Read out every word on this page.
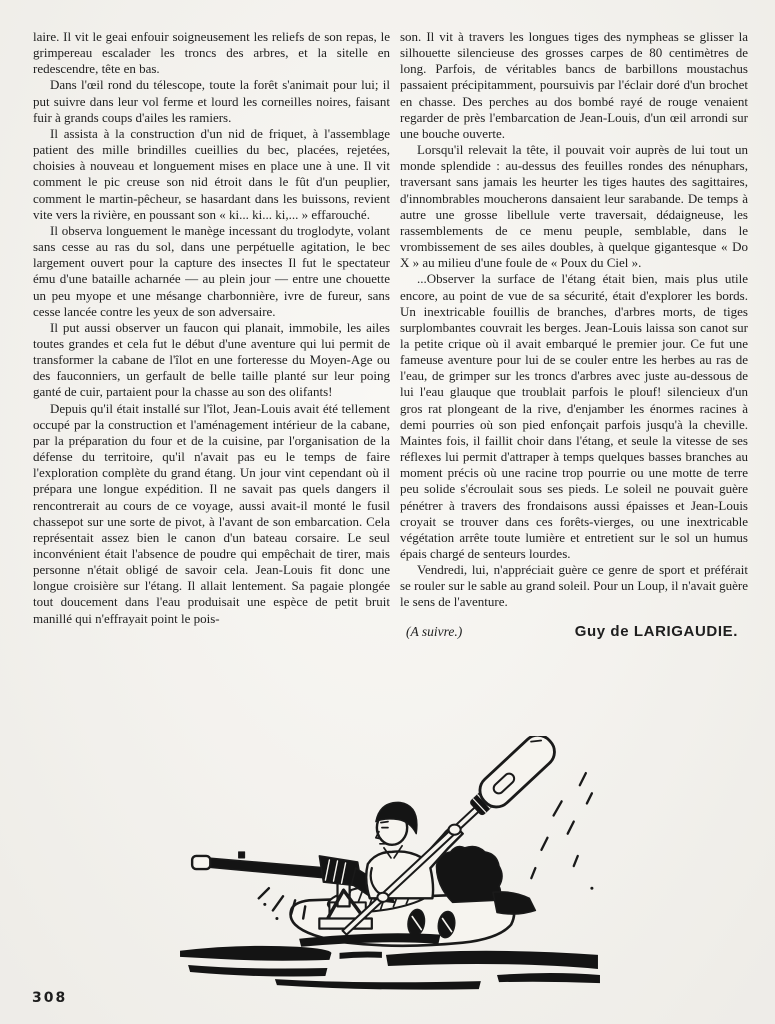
laire. Il vit le geai enfouir soigneusement les reliefs de son repas, le grimpereau escalader les troncs des arbres, et la sitelle en redescendre, tête en bas.

Dans l'œil rond du télescope, toute la forêt s'animait pour lui; il put suivre dans leur vol ferme et lourd les corneilles noires, faisant fuir à grands coups d'ailes les ramiers.

Il assista à la construction d'un nid de friquet, à l'assemblage patient des mille brindilles cueillies du bec, placées, rejetées, choisies à nouveau et longuement mises en place une à une. Il vit comment le pic creuse son nid étroit dans le fût d'un peuplier, comment le martin-pêcheur, se hasardant dans les buissons, revient vite vers la rivière, en poussant son « ki... ki... ki,... » effarouché.

Il observa longuement le manège incessant du troglodyte, volant sans cesse au ras du sol, dans une perpétuelle agitation, le bec largement ouvert pour la capture des insectes Il fut le spectateur ému d'une bataille acharnée — au plein jour — entre une chouette un peu myope et une mésange charbonnière, ivre de fureur, sans cesse lancée contre les yeux de son adversaire.

Il put aussi observer un faucon qui planait, immobile, les ailes toutes grandes et cela fut le début d'une aventure qui lui permit de transformer la cabane de l'îlot en une forteresse du Moyen-Age ou des fauconniers, un gerfault de belle taille planté sur leur poing ganté de cuir, partaient pour la chasse au son des olifants!

Depuis qu'il était installé sur l'îlot, Jean-Louis avait été tellement occupé par la construction et l'aménagement intérieur de la cabane, par la préparation du four et de la cuisine, par l'organisation de la défense du territoire, qu'il n'avait pas eu le temps de faire l'exploration complète du grand étang. Un jour vint cependant où il prépara une longue expédition. Il ne savait pas quels dangers il rencontrerait au cours de ce voyage, aussi avait-il monté le fusil chassepot sur une sorte de pivot, à l'avant de son embarcation. Cela représentait assez bien le canon d'un bateau corsaire. Le seul inconvénient était l'absence de poudre qui empêchait de tirer, mais personne n'était obligé de savoir cela. Jean-Louis fit donc une longue croisière sur l'étang. Il allait lentement. Sa pagaie plongée tout doucement dans l'eau produisait une espèce de petit bruit manillé qui n'effrayait point le pois-

son. Il vit à travers les longues tiges des nympheas se glisser la silhouette silencieuse des grosses carpes de 80 centimètres de long. Parfois, de véritables bancs de barbillons moustachus passaient précipitamment, poursuivis par l'éclair doré d'un brochet en chasse. Des perches au dos bombé rayé de rouge venaient regarder de près l'embarcation de Jean-Louis, d'un œil arrondi sur une bouche ouverte.

Lorsqu'il relevait la tête, il pouvait voir auprès de lui tout un monde splendide : au-dessus des feuilles rondes des nénuphars, traversant sans jamais les heurter les tiges hautes des sagittaires, d'innombrables moucherons dansaient leur sarabande. De temps à autre une grosse libellule verte traversait, dédaigneuse, les rassemblements de ce menu peuple, semblable, dans le vrombissement de ses ailes doubles, à quelque gigantesque « Do X » au milieu d'une foule de « Poux du Ciel ».

...Observer la surface de l'étang était bien, mais plus utile encore, au point de vue de sa sécurité, était d'explorer les bords. Un inextricable fouillis de branches, d'arbres morts, de tiges surplombantes couvrait les berges. Jean-Louis laissa son canot sur la petite crique où il avait embarqué le premier jour. Ce fut une fameuse aventure pour lui de se couler entre les herbes au ras de l'eau, de grimper sur les troncs d'arbres avec juste au-dessous de lui l'eau glauque que troublait parfois le plouf! silencieux d'un gros rat plongeant de la rive, d'enjamber les énormes racines à demi pourries où son pied enfonçait parfois jusqu'à la cheville. Maintes fois, il faillit choir dans l'étang, et seule la vitesse de ses réflexes lui permit d'attraper à temps quelques basses branches au moment précis où une racine trop pourrie ou une motte de terre peu solide s'écroulait sous ses pieds. Le soleil ne pouvait guère pénétrer à travers des frondaisons aussi épaisses et Jean-Louis croyait se trouver dans ces forêts-vierges, ou une inextricable végétation arrête toute lumière et entretient sur le sol un humus épais chargé de senteurs lourdes.

Vendredi, lui, n'appréciait guère ce genre de sport et préférait se rouler sur le sable au grand soleil. Pour un Loup, il n'avait guère le sens de l'aventure.

(A suivre.)	Guy de LARIGAUDIE.
308
